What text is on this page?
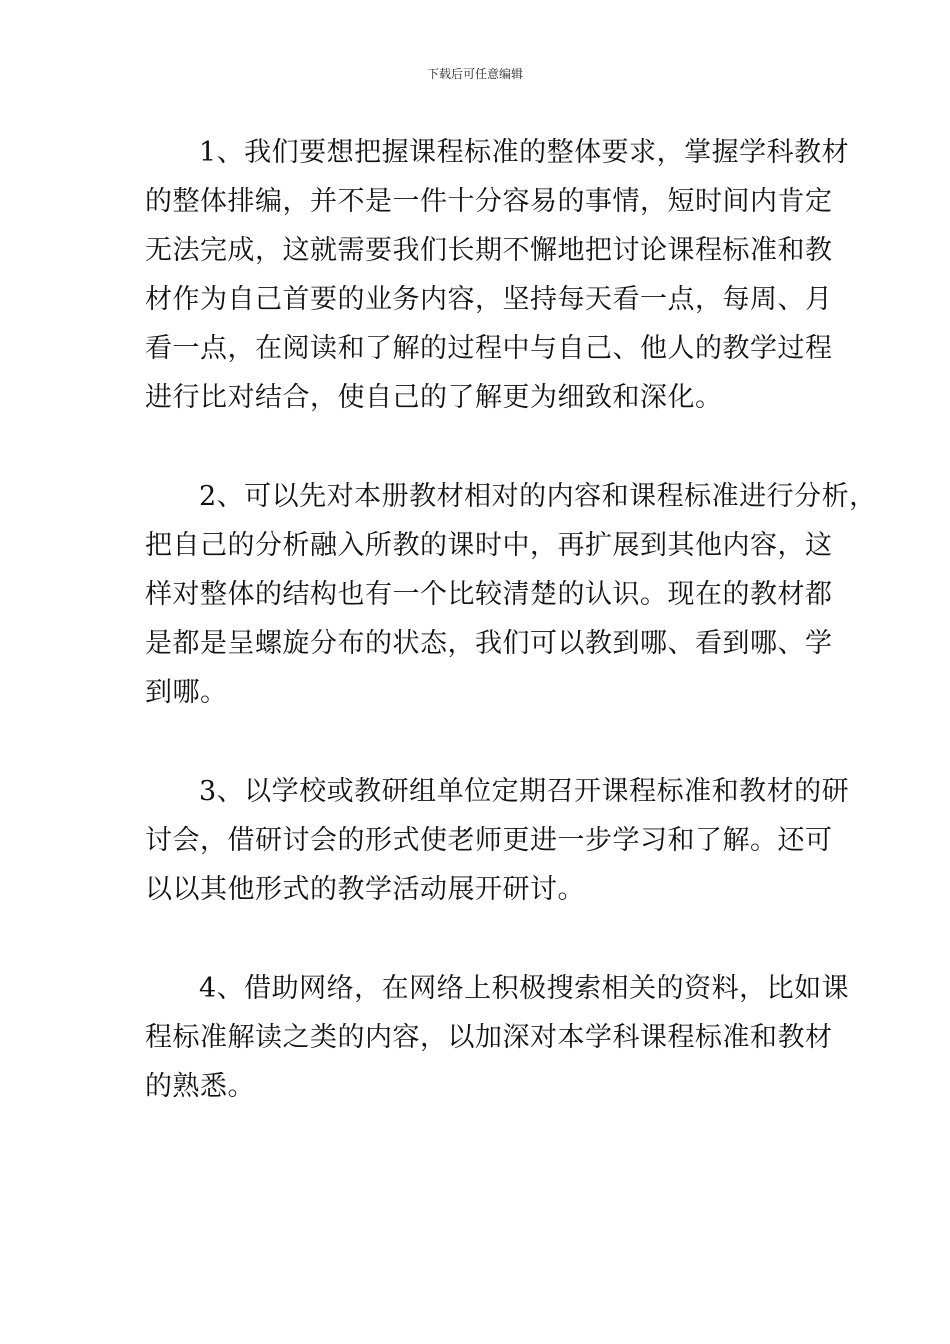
下载后可任意编辑

1、我们要想把握课程标准的整体要求，掌握学科教材
的整体排编，并不是一件十分容易的事情，短时间内肯定
无法完成，这就需要我们长期不懈地把讨论课程标准和教
材作为自己首要的业务内容，坚持每天看一点，每周、月
看一点，在阅读和了解的过程中与自己、他人的教学过程
进行比对结合，使自己的了解更为细致和深化。

2、可以先对本册教材相对的内容和课程标准进行分析，
把自己的分析融入所教的课时中，再扩展到其他内容，这
样对整体的结构也有一个比较清楚的认识。现在的教材都
是都是呈螺旋分布的状态，我们可以教到哪、看到哪、学
到哪。

3、以学校或教研组单位定期召开课程标准和教材的研
讨会，借研讨会的形式使老师更进一步学习和了解。还可
以以其他形式的教学活动展开研讨。

4、借助网络，在网络上积极搜索相关的资料，比如课
程标准解读之类的内容，以加深对本学科课程标准和教材
的熟悉。
